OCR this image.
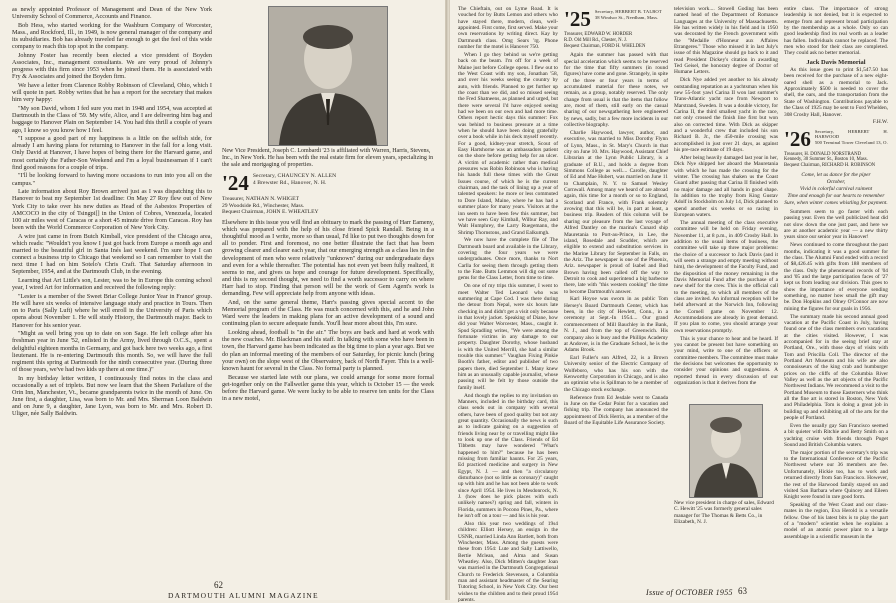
as newly appointed Professor of Management and Dean of the New York University School of Commerce, Accounts and Finance.

Bob Hess, who started working for the Washburn Company of Worcester, Mass., and Rockford, Ill., in 1949, is now general manager of the company and its subsidiaries. Bob has already traveled far enough to get the feel of this wide company to reach this top spot in the company.

Johnny Foster has recently been elected a vice president of Boyden Associates, Inc., management consultants. We are very proud of Johnny's progress with this firm since 1953 when he joined them. He is associated with Fry & Associates and joined the Boyden firm.

We have a letter from Clarence Robby Robinson of Cleveland, Ohio, which I will quote in part. Robby writes that he has a report for the secretary that makes him very happy:

"My son David, whom I fed sure you met in 1948 and 1954, was accepted at Dartmouth in the Class of '59. My wife, Alice, and I are delivering him bag and baggage to Hanover Plain on September 14. You had this thrill a couple of years ago, I know so you know how I feel.

"I suppose a good part of my happiness is a little on the selfish side, for already I am having plans for returning to Hanover in the fall for a long visit. Only David at Hanover, I have hopes of being there for the Harvard game, and most certainly the Father-Son Weekend and I'm a loyal businessman if I can't find good reasons for a couple of trips.

"I'll be looking forward to having more occasions to run into you all on the campus."

Late information about Roy Brown arrived just as I was dispatching this to Hanover to beat my September 1st deadline: On May 27 Roy flew out of New York City to take over his new duties as Head of the Asbestos Properties of AMCOCO in the city of Tsingpi[] in the Union of Cobres, Venezuela, located 100 air miles west of Caracas or a short 45 minute drive from Caracas. Roy has been with the World Commerce Corporation of New York City.

A wire just came in from Butch Kimball, vice president of the Chicago area, which reads: "Wouldn't you know I just got back from Europe a month ago and married to the beautiful girl in Santa Inés last weekend. I'm sure hope I can connect a business trip to Chicago that weekend so I can remember to visit the next time I had on him Sotelo's Chris Craft. That Saturday afternoon in September, 1954, and at the Dartmouth Club, in the evening.

Learning that Art Little's son, Lester, was to be in Europe this coming school year, I wired Art for information and received the following reply:

"Lester is a member of the Sweet Briar College Junior Year in France' group. He will have six weeks of intensive language study and practice in Tours. Then on to Paris (Sally Luft) where he will enroll in the University of Paris which opens about November 1. He will study History, the Dartmouth major. Back to Hanover for his senior year.

"Might as well bring you up to date on son Sage. He left college after his freshman year in June '52, enlisted in the Army, lived through O.C.S., spent a delightful eighteen months in Germany, and got back here two weeks ago, a first lieutenant. He is re-entering Dartmouth this month. So, we will have the full regiment this spring at Dartmouth for the ninth consecutive year. (During three of those years, we've had two kids up there at one time.)"

In my birthday letter written, I continuously find notes in the class and occasionally a set of triplets. But now we learn that the Sheen Parlailure of the Orin Inn, Manchester, Vt., became grandparents twice in the month of June. On June first, a daughter, Lisa, was born to Mr. and Mrs. Sherman Loon Baldwin and on June 9, a daughter, Jane Lyon, was born to Mr. and Mrs. Robert D. Uliger, née Sally Baldwin.

New Vice President, Joseph C. Lombardi '23 is affiliated with Warren, Harris, Stevens, Inc., in New York. He has been with the real estate firm for eleven years, specializing in the sale and mortgaging of properties.
'24 Secretary, CHAUNCEY N. ALLEN
4 Brewster Rd., Hanover, N. H.
Treasurer, NATHAN N. WHIGET
29 Woodside Rd., Winchester, Mass.
Bequest Chairman, JOHN E. WHEATLEY

Elsewhere in this issue you will find an obituary to mark the passing of Harr Eameny, which was prepared with the help of his close friend Spick Randall. Being in a thoughtful mood as I write, more so than usual, I'd like to put two thoughts down for all to ponder. First and foremost, no one better illustrate the fact that has been growing clearer and clearer each year, that our emerging strength as a class lies in the development of men who were relatively "unknown" during our undergraduate days and even for a while thereafter. The potential has not even yet been fully realized, it seems to me, and gives us hope and courage for future development. Specifically, and this is my second thought, we need to find a worth successor to carry on where Harr had to stop. Finding that person will be the work of Gem Agent's work is demanding. Few will appreciate help from anyone with ideas.

And, on the same general theme, Harr's passing gives special accent to the Memorial program of the Class. He was much concerned with this, and he and John Ward were the leaders in making plans for an active development of a sound and continuing plan to secure adequate funds. You'll hear more about this, I'm sure.

Looking ahead, football is "in the air." The boys are back and hard at work with the new coaches. Mr. Blackman and his staff. In talking with some who have been in town, the Harvard game has been indicated as the big time to plan a year ago. But we do plan an informal meeting of the members of our Saturday, for picnic lunch (bring your own) on the slope west of the Observatory, back of North Fayer. This is a well-known haunt for several in the Class. No formal party is planned.

Because we started late with our plans, we could arrange for some more formal get-together only on the Fallweiler game this year, which is October 15 — the week before the Harvard game. We were lucky to be able to reserve ten units for the Class in a new motel,

62
DARTMOUTH ALUMNI MAGAZINE

The Chieftain, out on Lyme Road. It is vouched for by Butts Lemon and others who have stayed there, modern, clean, well-appointed. First come, first served. Make your own reservations by writing direct. Kay by Dartmouth class. Omg Sears 'rg. Phone number for the motel is Hanover 750.

When I go they behind us we're getting back on the beam. I'm off for a week of Maine just before College opens. I flew out to the West Coast with my son, Jonathan '58, and over his weeks seeing the country by auto, with friends. Planned to get further up the coast than we did, and so missed seeing the Fred Shatneens, as planned and urged, but there were several I'd have enjoyed seeing had we been on our own and had more time. Others report hectic days this summer: Fox was behind to business pressure at a time when he should have been doing gratefully over a book while in his deck myself recently. For a good, kidney-year stretch, Scout of Easy Hartshorne was an ambassadors patient on the shore before getting help for an ulcer. A victim of academic rather than medical pressures was Robin Robinson who is having his hands full these times with the Great Issues course, of which he is the current chairman, and the task of lining up a year of talented speakers: he more or less commuted to Dore Island, Maine, where he has had a summer place for many years. Visitors at the inn seem to have been few this summer, but we have seen Guy Kimball, Wilbur Ray, and Walt Humphrey, the Larry Ruegemann, the Shrimp Thornstons, and Grand Ealkumgh.

We now have the complete file of The Dartmouth board and available in the Library, covering the four years we were undergraduates. Once more, thanks to Nort Carlla for seeing them through getting them to the Fate. Butts Lemmon will dig out some gems for the Class Letter, from time to time.

On one of my trips this summer, I went to meet Walter Ted Leonard who was summering at Cape Cod. I was there during the detour from Nepal, were six hours late checking in and didn't get a visit only because in that lovely jacket. Speaking of Diane, how did your Walter Worcester, Mass., caught it. Spud Spradling writes, "We were among the fortunate victims in any damage to our property. Daughter Dorothy, whose husband is with the United Merrill, she had a similar trouble this summer." Vaughan Fixing Pinkie Booth's father, editor and publisher of two papers there, died September 1. Many knew him as an unusually capable journalist, whose passing will be felt by those outside the family itself.

And though the replies to my invitation on Manners, included in the birthday card, this class sends out in company with several others, have been of good quality but not any great quantity. Occasionally the news is such as to indicate gaining on a suggestion of friends living near by or travelling might like to look up one of the Class. Friends of Ed Tibbetts may have wondered "What's happened to him?" because he has been missing from familiar haunts. For 25 years, Ed practiced medicine and surgery in New Egypt, N. J. — and then "a circulatory disturbance (not so little as coronary)" caught up with him and he has not been able to work since April 1954. He lives in Mesdonrock, N. J. (how does he pick places with such unlikely names?) spring and fall, winters in Florida, summers in Pocono Pines, Pa., where he isn't off on a tour — and his is his year.

Also this year two weddings of 19s4 children: Elliott Hersey, an ensign in the USNR, married Linda Ann Bartlett, both from Winchester, Mass. Among the guests were these from 1954: Lute and Sally Lattiwello, Bertie Mclean, and Alma and Susan Wheatley. Also, Dick Mitten's daughter Joan was married in the Dartmouth Congregational Church to Frederick Stevenson, a Columbia man and assistant headmaster of the Searing Tutoring School, in New York City. Our best wishes to the children and to their proud 1954 parents.

'25 Secretary, HERBERT B. TALBOT
38 Windsor St., Needham, Mass.
Treasurer, EDWARD W. HORDER
R.D. Old Mill Rd., Chester, N. J.
Bequest Chairman, FORD H. WHELDEN

Again the summer has passed with that special acceleration which seems to be reserved for the time that fifty summers (in round figures) have come and gone. Strangely, in spite of the three or four years in terms of accumulated material for these notes, we remain, as a group, notably reserved. The only change from usual is that the items that follow are, most of them, still early on the casual sharing of our newsgathering here engineered by news, sadly, but a few more incidents in our collective biography.

Charlie Haywood, lawyer, author, and executive, was married to Miss Dorothy Flynn of Lynn, Mass., in St. Mary's Church in that city on June 10. Mrs. Haywood, Assistant Chief Librarian at the Lynn Public Library, is a graduate of B.U., and holds a degree from Simmons College as well.... Carolle, daughter of Ed and Mae Hubert, was married on June 11 to Champlain, N. Y. to Samuel Wesley Cornwall. Among many we heard of are abroad again, this time for a month or so to England, Scotland and France, with Frank solemnly avowing that this will be, in part at least, a business trip. Readers of this column will be sharing our pleasure from the last voyage of Alfred Dantley on the marina's Cunard ship Mauretania to Port-au-Prince, in Lee, the island, Rosedale and Scudder, which are eligible to extend and substitution services in the Marine Library for September in Falls, on the Ariz. The newspaper is one of the Phoenix, Ariz. newspaper is proud of Isabel and Bud Brown having been called off the way to Detroit to cook and superintend a big barbecue there, late with "this western cooking" the time to become Dartmouth's answer.

Karl Hoyoe was sworn in as public Tom Hersey's Board Dartmouth Center, which has been, in the city of Hewlett, Conn., in a ceremony at Sept.-In 1954.... Our grand commencement of Mill Bauchley in the Bank, N. J., and from the top of Greenwich. His company also is busy and the Phillips Academy at Andover, is in the Graduate School, he is the Adams Brook.

Earl Fuller's son Alfred, 22, is a Brown University senior of the Electric Company of Wolfeboro, who has his son with the Kenworthy Corporation in Chicago, and is also an optimist who is Spillman to be a member of the Chicago stock exchange.

Reference from Ed Jesdale went to Canada in June on the Cedar Point for a vacation and fishing trip. The company has announced the appointment of Dick Herrin, as a member of the Board of the Equitable Life Assurance Society.

television work.... Stowell Goding has been named head of the Department of Romance Languages at the University of Massachusetts. He has written widely in his field and in 1950 was decorated by the French government with the "Medaille d'Honneur aux Affaires Etrangeres." Those who missed it in last July's issue of this Magazine should go back to it and read President Dickey's citation in awarding Ted Geisel, the honorary degree of Doctor of Humane Letters.

Dick Nye added yet another to his already outstanding reputation as a yachtsman when his new 55-foot yawl Carina II won last summer's Trans-Atlantic yacht race from Newport to Marstrand, Sweden. It was a double victory, for Carina II, the third smallest yacht in the race, not only crossed the finish line first but won also on corrected time. With Dick as skipper and a wonderful crew that included his son Richard B. Jr., the 450-mile crossing was accomplished in just over 21 days, as against his pre-race estimate of 19 days.

After being heavily damaged last year in her, Dick Nye shipped her aboard the Mauretania with which he has made the crossing for the winter. The crossing has shaken us the Coast Guard after passing that Carina II finished with no major damage and all hands in good shape. In addition to the trophy from King Gustav Adolf in Stockholm on July 14, Dick planned to spend another six weeks or so racing in European waters.

The annual meeting of the class executive committee will be held on Friday evening, November 11, at 8 p.m., in 409 Crosby Hall. In addition to the usual items of business, the committee will take up three major problems: the choice of a successor to Jack Davis (and it will seem a strange and empty meeting without him), the development of the Faculty Fund, and the disposition of the money remaining in the Davis Memorial Fund after the purchase of a new shelf for the crew. This is the official call to the meeting, to which all members of the class are invited. An informal reception will be held afterward at the Norwich Inn, following the Cornell game on November 12. Accommodations are already in great demand. If you plan to come, you should arrange your own reservations promptly.

This is your chance to hear and be heard. If you cannot be present but have something on your mind, write to one of the officers or committee members. The committee must make the decisions but welcomes the opportunity to consider your opinions and suggestions. A reported thread in every discussion of our organization is that it derives from the

entire class. The importance of strong leadership is not denied, but it is expected to emerge from and represent broad participation by the membership as a whole. Only so can good leadership find its real worth as a leader has fallen. Individuals cannot be replaced. The men who stood for their class are completed. They could ask no better memorial.

Jack Davis Memorial

As this issue goes to print $1,547.50 has been received for the purchase of a new eight-oared shell as a memorial to Jack. Approximately $500 is needed to cover the shell, the oars, and the transportation from the State of Washington. Contributions payable to the Class of 1925 may be sent to Ford Whelden, 308 Crosby Hall, Hanover.

F.H.W.
'26 Secretary, HERBERT H. HARWOOD
500 Terminal Tower Cleveland 13, O.
Treasurer, H. DONALD NORSTRAND
Kennedy, 30 Summer St., Boston 10, Mass.
Bequest Chairman, RICHARD H. ROBINSON
Come, let us dance for the piper
October,
Vivid in colorful carnival raiment
Time and enough for our hearts to remember
Sure, when winter comes whistling for payment.

Summers seem to go faster with each passing year. Even the well publicized heat did not slow down the one just past, and here we are at another academic year — a new thirty years since our senior year in Hanover!

News continued to come throughout the past months, indicating it was a good summer for the class. The Alumni Fund ended with a record of $8,426.45 with gifts from 188 members of the class. Only the phenomenal records of '04 and '05 and the large participation faces of '27 kept us from leading our division. This goes to show the importance of everyone sending something, no matter how small the gift may be. Don Hopkins and Olney O'Connor are now mining the figures for our goals in 1956.

The summary made his second annual good vacation at the Pacific Coast in July, having found one of the class members own vacations at the cities visited. However, I was accompanied for in the seeing brief stay at Portland, Ore., with those days of visits with Tom and Priscilla Coll. The director of the Portland Art Museum and his wife are also connoisseurs of the king crab and humburger prices on the cliffs of the Columbia River Valley as well as the art objects of the Pacific Northwest Indians. We recommend a visit to the Portland Museum to those Easterners who think all the fine art is stored in Boston, New York and Philadelphia. Tom is doing a great job in building up and exhibiting all of the arts for the people of Portland.

Even the usually gay San Francisco seemed a bit quieter with Ritchie and Betty Smith on a yachting cruise with friends through Puget Sound and British Columbia waters.

The major portion of the secretary's trip was to the International Conference of the Pacific Northwest where our 36 members are fee. Unfortunately, Hickie too, has to work and returned directly from San Francisco. However, the rest of the Harwood family stayed on and visited San Barbara where Quincey and Eileen Knight were found in rare good form.

Speaking of the West Coast and our class-mates in the region, Eva Herold is a versatile fellow. One of his latest bits is to play the part of a "modern" scientist when he explains a model of an atomic power plant to a large assemblage in a scientific museum in the

New vice president in charge of sales, Edward C. Hewitt '25 was formerly general sales manager for The Thomas & Betts Co., in Elizabeth, N. J.
Issue of OCTOBER 1955 63
